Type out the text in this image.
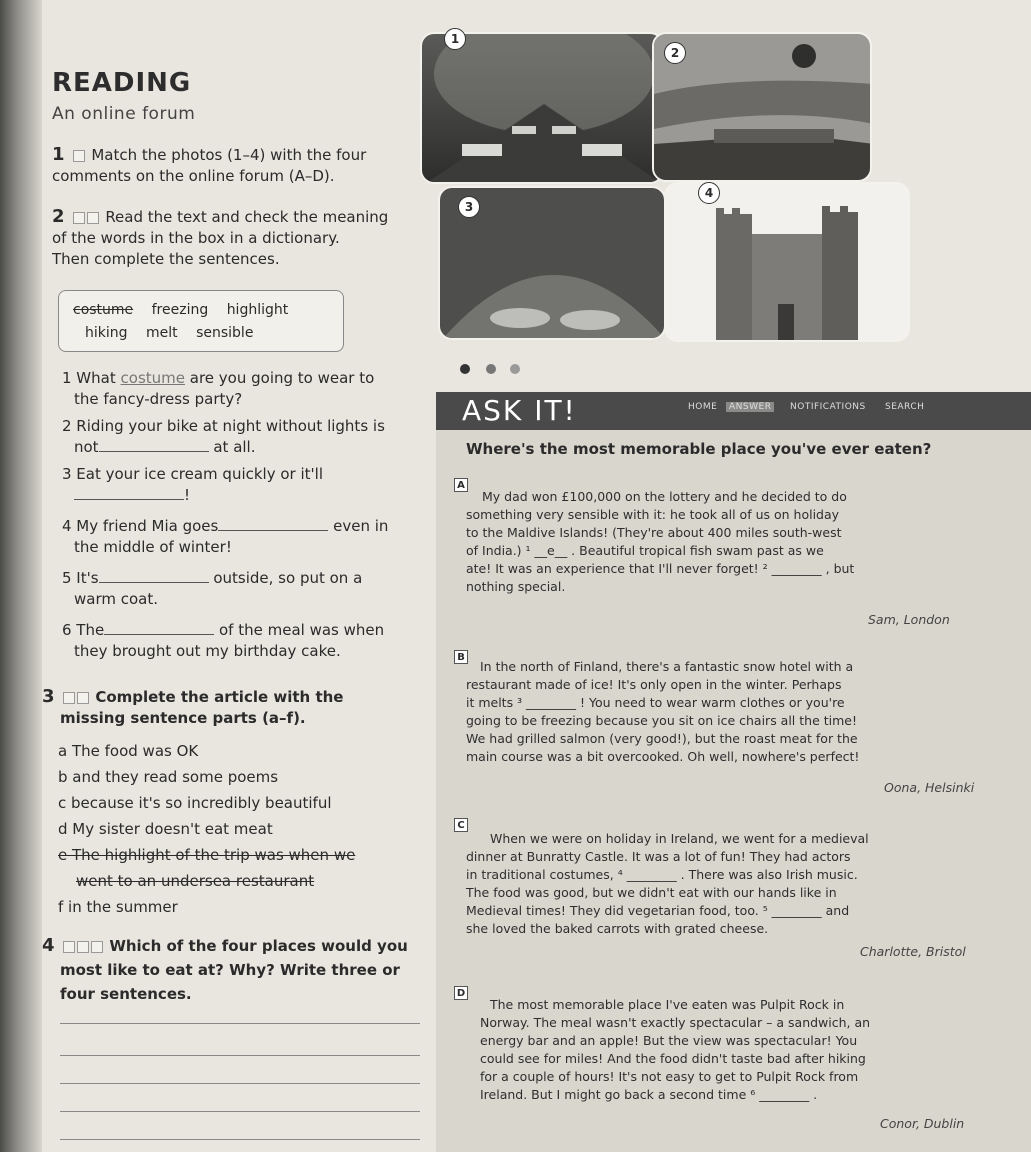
READING
An online forum
1 Match the photos (1–4) with the four
comments on the online forum (A–D).
2	Read the text and check the meaning
of the words in the box in a dictionary.
Then complete the sentences.
costume freezing highlight
hiking melt sensible
1 What costume are you going to wear to
the fancy-dress party?
2 Riding your bike at night without lights is
not	at all.
3 Eat your ice cream quickly or it'll
!
4 My friend Mia goes	even in
the middle of winter!
5 It's	outside, so put on a
warm coat.
6 The	of the meal was when
they brought out my birthday cake.
3	Complete the article with the
missing sentence parts (a–f).
a The food was OK
b and they read some poems
c because it's so incredibly beautiful
d My sister doesn't eat meat
e The highlight of the trip was when we
went to an undersea restaurant
f in the summer
4	Which of the four places would you
most like to eat at? Why? Write three or
four sentences.
1
2
3
4
ASK IT!	HOME	ANSWER	NOTIFICATIONS SEARCH
Where's the most memorable place you've ever eaten?
A
My dad won £100,000 on the lottery and he decided to do
something very sensible with it: he took all of us on holiday
to the Maldive Islands! (They're about 400 miles south-west
of India.) ¹ __e__ . Beautiful tropical fish swam past as we
ate! It was an experience that I'll never forget! ² ________ , but
nothing special.
Sam, London
B
In the north of Finland, there's a fantastic snow hotel with a
restaurant made of ice! It's only open in the winter. Perhaps
it melts ³ ________ ! You need to wear warm clothes or you're
going to be freezing because you sit on ice chairs all the time!
We had grilled salmon (very good!), but the roast meat for the
main course was a bit overcooked. Oh well, nowhere's perfect!
Oona, Helsinki
C
When we were on holiday in Ireland, we went for a medieval
dinner at Bunratty Castle. It was a lot of fun! They had actors
in traditional costumes, ⁴ ________ . There was also Irish music.
The food was good, but we didn't eat with our hands like in
Medieval times! They did vegetarian food, too. ⁵ ________ and
she loved the baked carrots with grated cheese.
Charlotte, Bristol
D
The most memorable place I've eaten was Pulpit Rock in
Norway. The meal wasn't exactly spectacular – a sandwich, an
energy bar and an apple! But the view was spectacular! You
could see for miles! And the food didn't taste bad after hiking
for a couple of hours! It's not easy to get to Pulpit Rock from
Ireland. But I might go back a second time ⁶ ________ .
Conor, Dublin
